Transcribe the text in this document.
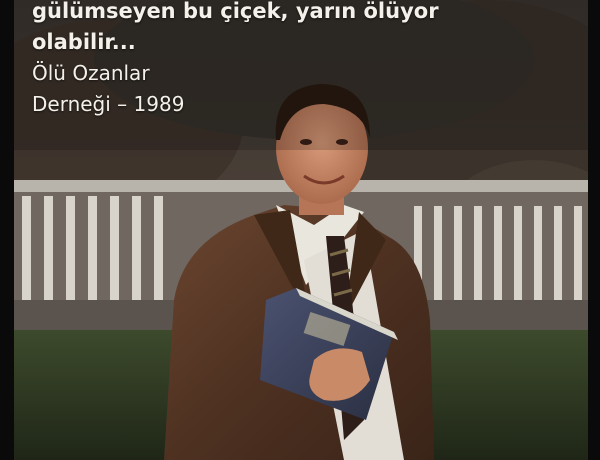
gülümseyen bu çiçek, yarın ölüyor

olabilir...

Ölü Ozanlar

Derneği – 1989
